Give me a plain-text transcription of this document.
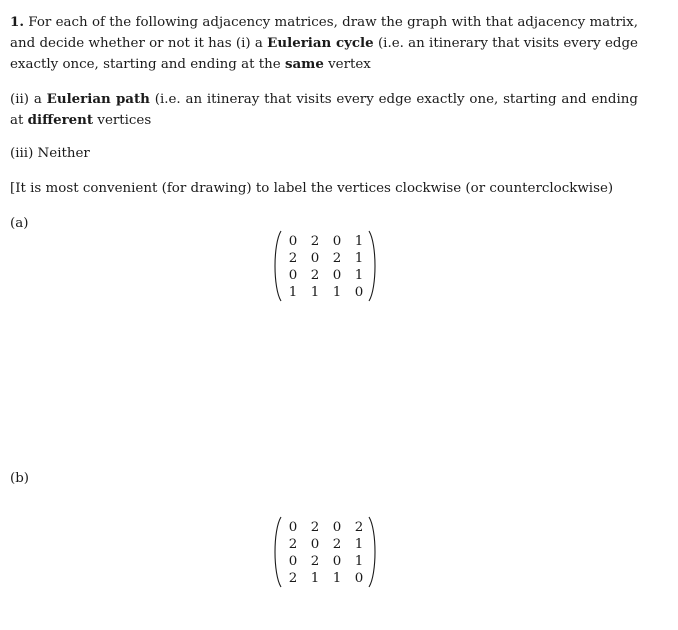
1. For each of the following adjacency matrices, draw the graph with that adjacency matrix, and decide whether or not it has (i) a Eulerian cycle (i.e. an itinerary that visits every edge exactly once, starting and ending at the same vertex

(ii) a Eulerian path (i.e. an itineray that visits every edge exactly one, starting and ending at different vertices

(iii) Neither

[It is most convenient (for drawing) to label the vertices clockwise (or counterclockwise)

(a)

0	2	0	1
2	0	2	1
0	2	0	1
1	1	1	0

(b)

0	2	0	2
2	0	2	1
0	2	0	1
2	1	1	0
